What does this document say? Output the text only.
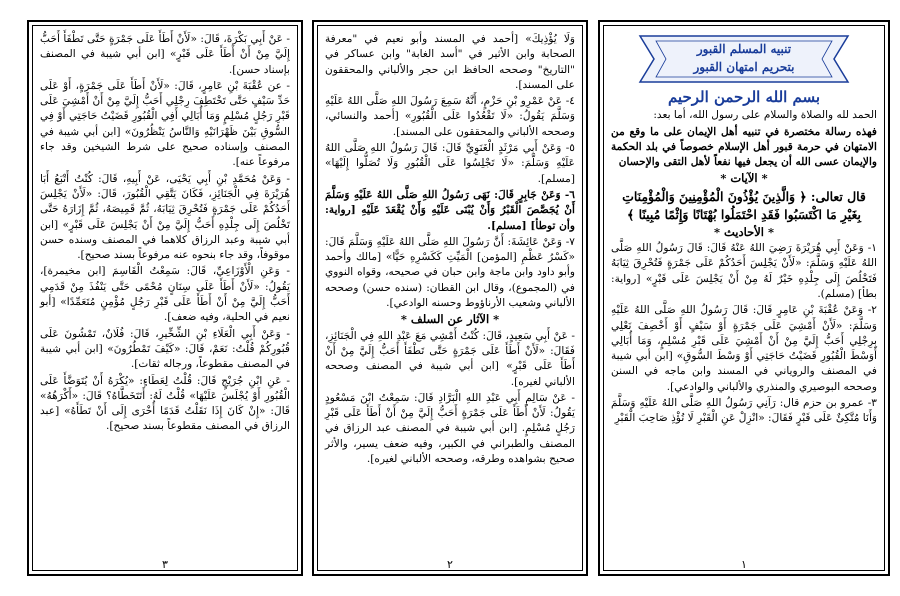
تنبيه المسلم القبور
بتحريم امتهان القبور
بسم الله الرحمن الرحيم
الحمد لله والصلاة والسلام على رسول الله، أما بعد:
فهذه رسالة مختصرة في تنبيه أهل الإيمان على ما وقع من الامتهان في حرمة قبور أهل الإسلام خصوصاً في بلد الحكمة والإيمان عسى الله أن يجعل فيها نفعاً لأهل التقى والإحسان
* الآيات *
قال تعالى: ﴿ وَالَّذِينَ يُؤْذُونَ الْمُؤْمِنِينَ وَالْمُؤْمِنَاتِ بِغَيْرِ مَا اكْتَسَبُوا فَقَدِ احْتَمَلُوا بُهْتَانًا وَإِثْمًا مُبِينًا ﴾
* الأحاديث *
١- وَعَنْ أَبِي هُرَيْرَةَ رَضِيَ اللهُ عَنْهُ قَالَ: قَالَ رَسُولُ اللهِ صَلَّى اللهُ عَلَيْهِ وَسَلَّمَ: «لَأَنْ يَجْلِسَ أَحَدُكُمْ عَلَى جَمْرَةٍ فَتُحْرِقَ ثِيَابَهُ فَتَخْلُصَ إِلَى جِلْدِهِ خَيْرٌ لَهُ مِنْ أَنْ يَجْلِسَ عَلَى قَبْرٍ» [رواية: بطأ] (مسلم).
٢- وَعَنْ عُقْبَةَ بْنِ عَامِرٍ قَالَ: قَالَ رَسُولُ اللهِ صَلَّى اللهُ عَلَيْهِ وَسَلَّمَ: «لَأَنْ أَمْشِيَ عَلَى جَمْرَةٍ أَوْ سَيْفٍ أَوْ أَخْصِفَ نَعْلِي بِرِجْلِي أَحَبُّ إِلَيَّ مِنْ أَنْ أَمْشِيَ عَلَى قَبْرِ مُسْلِمٍ، وَمَا أُبَالِي أَوَسْطَ الْقُبُورِ قَضَيْتُ حَاجَتِي أَوْ وَسْطَ السُّوقِ» [ابن أبي شيبة في المصنف والروياني في المسند وابن ماجه في السنن وصححه البوصيري والمنذري والألباني والوادعي].
٣- عمرو بن حزم قال: رَآنِي رَسُولُ اللهِ صَلَّى اللهُ عَلَيْهِ وَسَلَّمَ وَأَنَا مُتَّكِئٌ عَلَى قَبْرٍ فَقَالَ: «انْزِلْ عَنِ الْقَبْرِ لَا تُؤْذِ صَاحِبَ الْقَبْرِ
١
وَلَا يُؤْذِيكَ» [أحمد في المسند وأبو نعيم في "معرفة الصحابة وابن الأثير في "أسد الغابة" وابن عساكر في "التاريخ" وصححه الحافظ ابن حجر والألباني والمحققون على المسند].
٤- عَنْ عَمْرِو بْنِ حَزْمٍ، أَنَّهُ سَمِعَ رَسُولَ اللهِ صَلَّى اللهُ عَلَيْهِ وَسَلَّمَ يَقُولُ: «لَا تَقْعُدُوا عَلَى الْقُبُورِ» [أحمد والنسائي، وصححه الألباني والمحققون على المسند].
٥- وَعَنْ أَبِي مَرْثَدٍ الْغَنَوِيِّ قَالَ: قَالَ رَسُولُ اللهِ صَلَّى اللهُ عَلَيْهِ وَسَلَّمَ: «لَا تَجْلِسُوا عَلَى الْقُبُورِ وَلَا تُصَلُّوا إِلَيْهَا» [مسلم].
٦- وَعَنْ جَابِرٍ قَالَ: نَهَى رَسُولُ اللهِ صَلَّى اللهُ عَلَيْهِ وَسَلَّمَ أَنْ يُجَصَّصَ الْقَبْرُ وَأَنْ يُبْنَى عَلَيْهِ وَأَنْ يُقْعَدَ عَلَيْهِ [رواية: وأن توطأ] [مسلم].
٧- وَعَنْ عَائِشَةَ: أَنَّ رَسُولَ اللهِ صَلَّى اللهُ عَلَيْهِ وَسَلَّمَ قَالَ: «كَسْرُ عَظْمِ [المؤمن] الْمَيِّتِ كَكَسْرِهِ حَيًّا» [مالك وأحمد وأبو داود وابن ماجة وابن حبان في صحيحه، وقواه النووي في (المجموع)، وقال ابن القطان: (سنده حسن) وصححه الألباني وشعيب الأرناؤوط وحسنه الوادعي].
* الآثار عن السلف *
- عَنْ أَبِي سَعِيدٍ، قَالَ: كُنْتُ أَمْشِي مَعَ عَبْدِ اللهِ فِي الْجَنَائِزِ، فَقَالَ: «لَأَنْ أَطَأَ عَلَى جَمْرَةٍ حَتَّى تَطْفَأَ أَحَبُّ إِلَيَّ مِنْ أَنْ أَطَأَ عَلَى قَبْرٍ» [ابن أبي شيبة في المصنف وصححه الألباني لغيره].
- عَنْ سَالِمٍ أَبِي عَبْدِ اللهِ الْبَرَّادِ قَالَ: سَمِعْتُ ابْنَ مَسْعُودٍ يَقُولُ: لَأَنْ أَطَأَ عَلَى جَمْرَةٍ أَحَبُّ إِلَيَّ مِنْ أَنْ أَطَأَ عَلَى قَبْرِ رَجُلٍ مُسْلِمٍ. [ابن أبي شيبة في المصنف عبد الرزاق في المصنف والطبراني في الكبير، وفيه ضعف يسير، والأثر صحيح بشواهده وطرقه، وصححه الألباني لغيره].
٢
- عَنْ أَبِي بَكْرَةَ، قَالَ: «لَأَنْ أَطَأَ عَلَى جَمْرَةٍ حَتَّى تَطْفَأَ أَحَبُّ إِلَيَّ مِنْ أَنْ أَطَأَ عَلَى قَبْرٍ» [ابن أبي شيبة في المصنف بإسناد حسن].
- عن عُقْبَةَ بْنِ عَامِرٍ، قَالَ: «لَأَنْ أَطَأَ عَلَى جَمْرَةٍ، أَوْ عَلَى حَدِّ سَيْفٍ حَتَّى تَخْتَطِفَ رِجْلِي أَحَبُّ إِلَيَّ مِنْ أَنْ أَمْشِيَ عَلَى قَبْرِ رَجُلٍ مُسْلِمٍ وَمَا أُبَالِي أَفِي الْقُبُورِ قَضَيْتُ حَاجَتِي أَوْ فِي السُّوقِ بَيْنَ ظَهْرَانَيْهِ وَالنَّاسُ يَنْظُرُونَ» [ابن أبي شيبة في المصنف وإسناده صحيح على شرط الشيخين وقد جاء مرفوعاً عنه].
- وَعَنْ مُحَمَّدِ بْنِ أَبِي يَحْيَى، عَنْ أَبِيهِ، قَالَ: كُنْتُ أَتْبَعُ أَبَا هُرَيْرَةَ فِي الْجَنَائِزِ، فَكَانَ يَتَّقِي الْقُبُورَ، قَالَ: «لَأَنْ يَجْلِسَ أَحَدُكُمْ عَلَى جَمْرَةٍ فَتُحْرِقَ ثِيَابَهُ، ثُمَّ قَمِيصَهُ، ثُمَّ إِزَارَهُ حَتَّى تَخْلُصَ إِلَى جِلْدِهِ أَحَبُّ إِلَيَّ مِنْ أَنْ يَجْلِسَ عَلَى قَبْرٍ» [ابن أبي شيبة وعبد الرزاق كلاهما في المصنف وسنده حسن موقوفاً، وقد جاء بنحوه عنه مرفوعاً بسند صحيح].
- وَعَنِ الْأَوْزَاعِيِّ، قَالَ: سَمِعْتُ الْقَاسِمَ [ابن مخيمرة]، يَقُولُ: «لَأَنْ أَطَأَ عَلَى سِنَانٍ مُحْمًى حَتَّى يَنْفُذَ مِنْ قَدَمِي أَحَبُّ إِلَيَّ مِنْ أَنْ أَطَأَ عَلَى قَبْرِ رَجُلٍ مُؤْمِنٍ مُتَعَمِّدًا» [أبو نعيم في الحلية، وفيه ضعف].
- وَعَنْ أَبِي الْعَلَاءِ بْنِ الشِّخِّيرِ، قَالَ: فُلَانٌ، تَمْشُونَ عَلَى قُبُورِكُمْ قُلْتُ: نَعَمْ، قَالَ: «كَيْفَ تَمْطُرُونَ» [ابن أبي شيبة في المصنف مقطوعاً، ورجاله ثقات].
- عَنِ ابْنِ جُرَيْجٍ قَالَ: قُلْتُ لِعَطَاءٍ: «يُكْرَهُ أَنْ يُتَوَضَّأَ عَلَى الْقُبُورِ أَوْ يُجْلَسَ عَلَيْهَا» قُلْتُ لَهُ: أَتَتَخَطَّاهُ؟ قَالَ: «أَكْرَهُهُ» قَالَ: «إِنْ كَانَ إِذَا نَقَلْتُ قَدَمًا أُخْرَى إِلَى أَنْ تَطَأَهُ» [عبد الرزاق في المصنف مقطوعاً بسند صحيح].
٣
